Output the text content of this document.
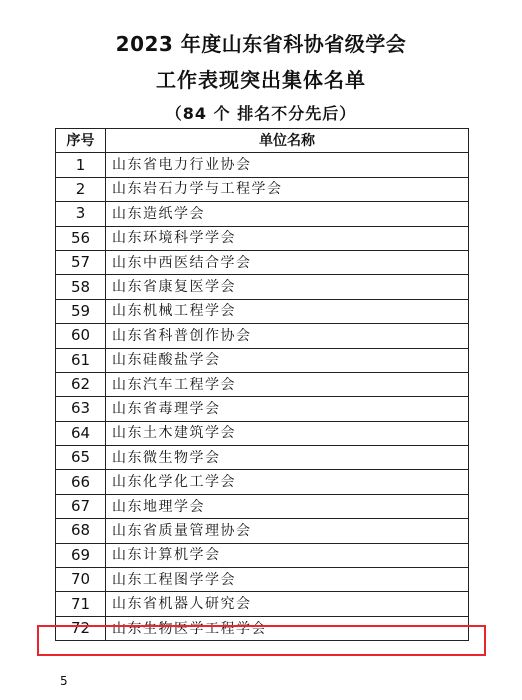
2023 年度山东省科协省级学会
工作表现突出集体名单
（84 个 排名不分先后）
序号	单位名称
1	山东省电力行业协会
2	山东岩石力学与工程学会
3	山东造纸学会
56	山东环境科学学会
57	山东中西医结合学会
58	山东省康复医学会
59	山东机械工程学会
60	山东省科普创作协会
61	山东硅酸盐学会
62	山东汽车工程学会
63	山东省毒理学会
64	山东土木建筑学会
65	山东微生物学会
66	山东化学化工学会
67	山东地理学会
68	山东省质量管理协会
69	山东计算机学会
70	山东工程图学学会
71	山东省机器人研究会
72	山东生物医学工程学会
5
